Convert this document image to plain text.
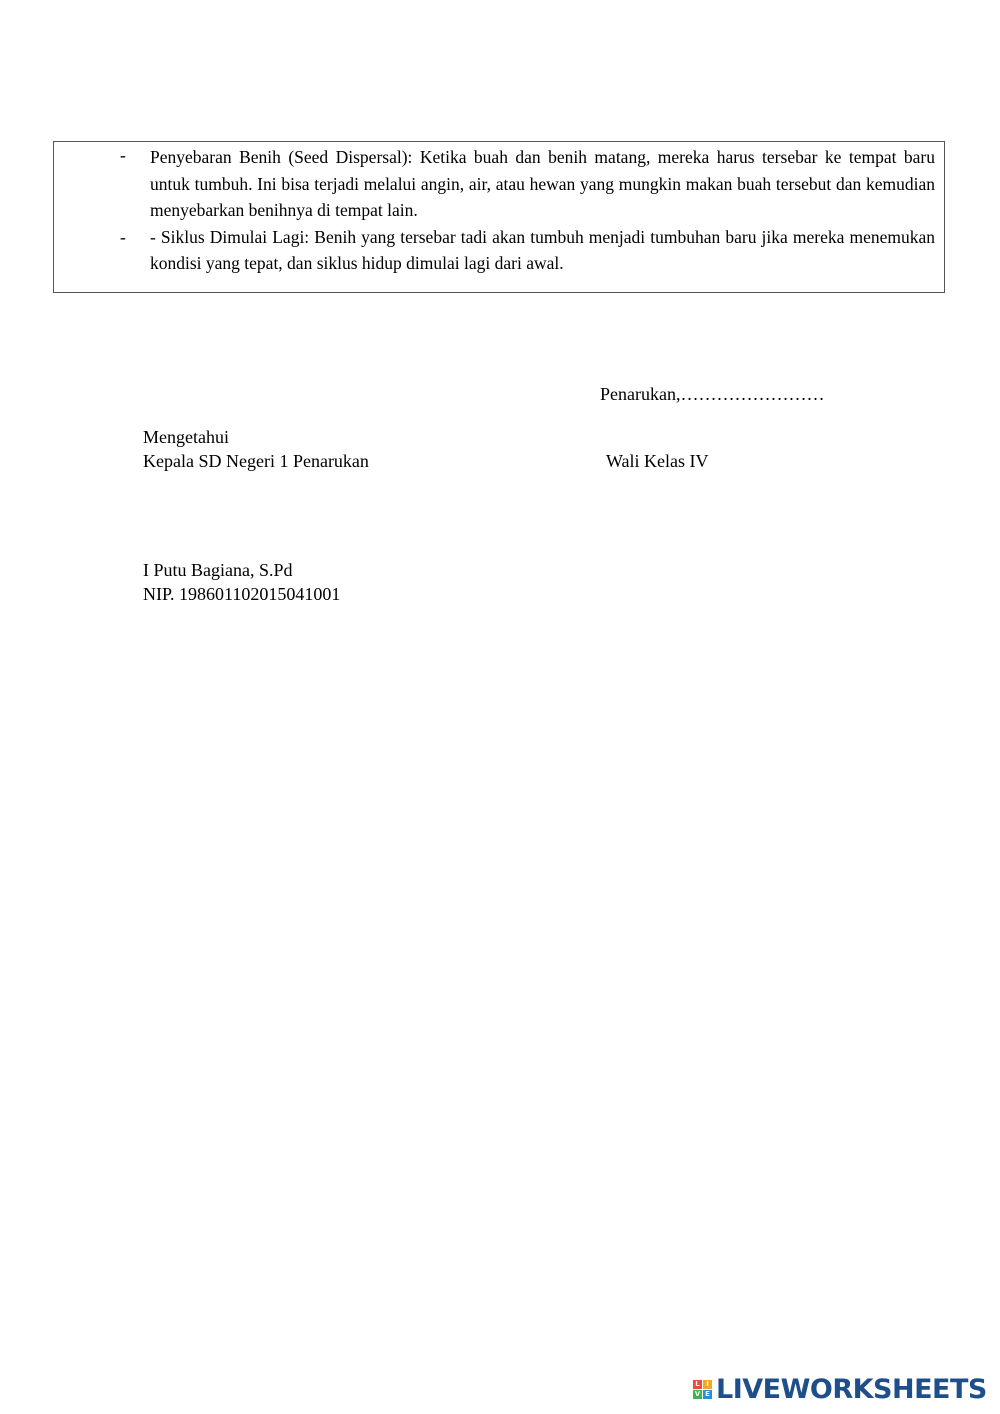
- Penyebaran Benih (Seed Dispersal): Ketika buah dan benih matang, mereka harus tersebar ke tempat baru untuk tumbuh. Ini bisa terjadi melalui angin, air, atau hewan yang mungkin makan buah tersebut dan kemudian menyebarkan benihnya di tempat lain.
- - Siklus Dimulai Lagi: Benih yang tersebar tadi akan tumbuh menjadi tumbuhan baru jika mereka menemukan kondisi yang tepat, dan siklus hidup dimulai lagi dari awal.
Penarukan,……………………
Mengetahui
Kepala SD Negeri 1 Penarukan	Wali Kelas IV
I Putu Bagiana, S.Pd
NIP. 198601102015041001
L I
V E LIVEWORKSHEETS
